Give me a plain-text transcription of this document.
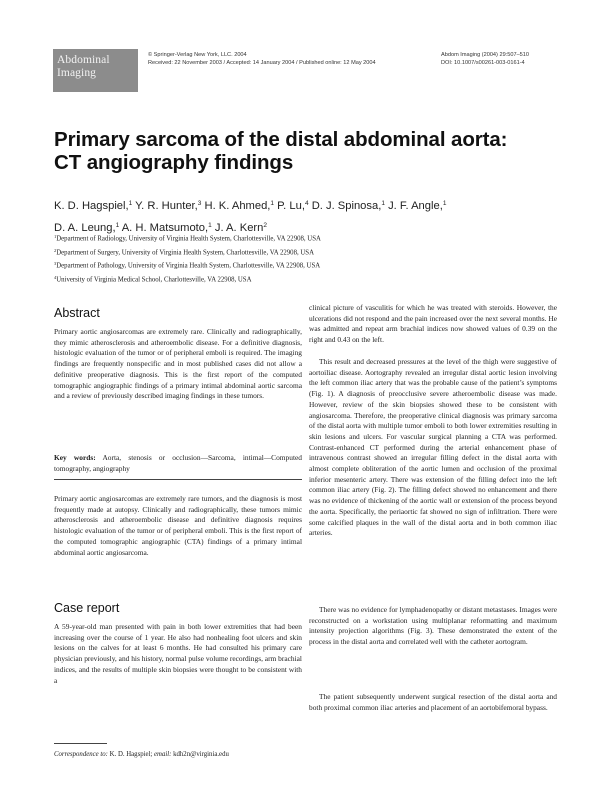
Abdominal
Imaging
© Springer-Verlag New York, LLC. 2004
Received: 22 November 2003 / Accepted: 14 January 2004 / Published online: 12 May 2004
Abdom Imaging (2004) 29:507–510
DOI: 10.1007/s00261-003-0161-4
Primary sarcoma of the distal abdominal aorta:
CT angiography findings
K. D. Hagspiel,$^1$ Y. R. Hunter,$^3$ H. K. Ahmed,$^1$ P. Lu,$^4$ D. J. Spinosa,$^1$ J. F. Angle,$^1$
D. A. Leung,$^1$ A. H. Matsumoto,$^1$ J. A. Kern$^2$
$^1$Department of Radiology, University of Virginia Health System, Charlottesville, VA 22908, USA
$^2$Department of Surgery, University of Virginia Health System, Charlottesville, VA 22908, USA
$^3$Department of Pathology, University of Virginia Health System, Charlottesville, VA 22908, USA
$^4$University of Virginia Medical School, Charlottesville, VA 22908, USA
Abstract

Primary aortic angiosarcomas are extremely rare. Clinically and radiographically, they mimic atherosclerosis and atheroembolic disease. For a definitive diagnosis, histologic evaluation of the tumor or of peripheral emboli is required. The imaging findings are frequently nonspecific and in most published cases did not allow a definitive preoperative diagnosis. This is the first report of the computed tomographic angiographic findings of a primary intimal abdominal aortic sarcoma and a review of previously described imaging findings in these tumors.

Key words: Aorta, stenosis or occlusion—Sarcoma, intimal—Computed tomography, angiography

Primary aortic angiosarcomas are extremely rare tumors, and the diagnosis is most frequently made at autopsy. Clinically and radiographically, these tumors mimic atherosclerosis and atheroembolic disease and definitive diagnosis requires histologic evaluation of the tumor or of peripheral emboli. This is the first report of the computed tomographic angiographic (CTA) findings of a primary intimal abdominal aortic angiosarcoma.

Case report

A 59-year-old man presented with pain in both lower extremities that had been increasing over the course of 1 year. He also had nonhealing foot ulcers and skin lesions on the calves for at least 6 months. He had consulted his primary care physician previously, and his history, normal pulse volume recordings, arm brachial indices, and the results of multiple skin biopsies were thought to be consistent with a

Correspondence to: K. D. Hagspiel; email: kdh2n@virginia.edu

clinical picture of vasculitis for which he was treated with steroids. However, the ulcerations did not respond and the pain increased over the next several months. He was admitted and repeat arm brachial indices now showed values of 0.39 on the right and 0.43 on the left.

This result and decreased pressures at the level of the thigh were suggestive of aortoiliac disease. Aortography revealed an irregular distal aortic lesion involving the left common iliac artery that was the probable cause of the patient’s symptoms (Fig. 1). A diagnosis of preocclusive severe atheroembolic disease was made. However, review of the skin biopsies showed these to be consistent with angiosarcoma. Therefore, the preoperative clinical diagnosis was primary sarcoma of the distal aorta with multiple tumor emboli to both lower extremities resulting in skin lesions and ulcers. For vascular surgical planning a CTA was performed. Contrast-enhanced CT performed during the arterial enhancement phase of intravenous contrast showed an irregular filling defect in the distal aorta with almost complete obliteration of the aortic lumen and occlusion of the proximal inferior mesenteric artery. There was extension of the filling defect into the left common iliac artery (Fig. 2). The filling defect showed no enhancement and there was no evidence of thickening of the aortic wall or extension of the process beyond the aorta. Specifically, the periaortic fat showed no sign of infiltration. There were some calcified plaques in the wall of the distal aorta and in both common iliac arteries.

There was no evidence for lymphadenopathy or distant metastases. Images were reconstructed on a workstation using multiplanar reformatting and maximum intensity projection algorithms (Fig. 3). These demonstrated the extent of the process in the distal aorta and correlated well with the catheter aortogram.

The patient subsequently underwent surgical resection of the distal aorta and both proximal common iliac arteries and placement of an aortobifemoral bypass.
